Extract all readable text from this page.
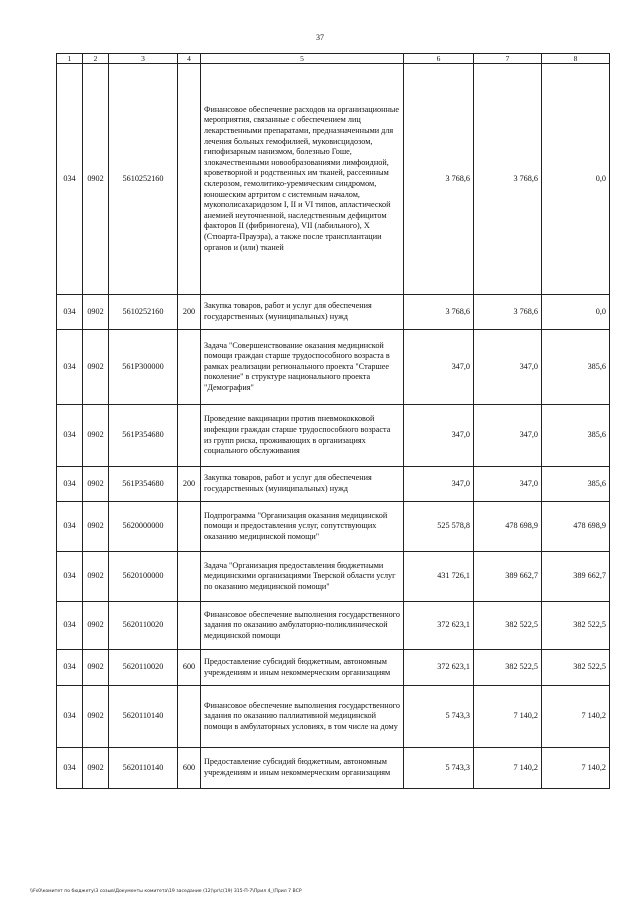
37
1	2	3	4	5	6	7	8
034	0902	5610252160		Финансовое обеспечение расходов на организационные мероприятия, связанные с обеспечением лиц лекарственными препаратами, предназначенными для лечения больных гемофилией, муковисцидозом, гипофизарным нанизмом, болезнью Гоше, злокачественными новообразованиями лимфоидной, кроветворной и родственных им тканей, рассеянным склерозом, гемолитико-уремическим синдромом, юношеским артритом с системным началом, мукополисахаридозом I, II и VI типов, апластической анемией неуточненной, наследственным дефицитом факторов II (фибриногена), VII (лабильного), X (Стюарта-Прауэра), а также после трансплантации органов и (или) тканей	3 768,6	3 768,6	0,0
034	0902	5610252160	200	Закупка товаров, работ и услуг для обеспечения государственных (муниципальных) нужд	3 768,6	3 768,6	0,0
034	0902	561P300000		Задача "Совершенствование оказания медицинской помощи граждан старше трудоспособного возраста в рамках реализации регионального проекта "Старшее поколение" в структуре национального проекта "Демография"	347,0	347,0	385,6
034	0902	561P354680		Проведение вакцинации против пневмококковой инфекции граждан старше трудоспособного возраста из групп риска, проживающих в организациях социального обслуживания	347,0	347,0	385,6
034	0902	561P354680	200	Закупка товаров, работ и услуг для обеспечения государственных (муниципальных) нужд	347,0	347,0	385,6
034	0902	5620000000		Подпрограмма "Организация оказания медицинской помощи и предоставления услуг, сопутствующих оказанию медицинской помощи"	525 578,8	478 698,9	478 698,9
034	0902	5620100000		Задача "Организация предоставления бюджетными медицинскими организациями Тверской области услуг по оказанию медицинской помощи"	431 726,1	389 662,7	389 662,7
034	0902	5620110020		Финансовое обеспечение выполнения государственного задания по оказанию амбулаторно-поликлинической медицинской помощи	372 623,1	382 522,5	382 522,5
034	0902	5620110020	600	Предоставление субсидий бюджетным, автономным учреждениям и иным некоммерческим организациям	372 623,1	382 522,5	382 522,5
034	0902	5620110140		Финансовое обеспечение выполнения государственного задания по оказанию паллиативной медицинской помощи в амбулаторных условиях, в том числе на дому	5 743,3	7 140,2	7 140,2
034	0902	5620110140	600	Предоставление субсидий бюджетным, автономным учреждениям и иным некоммерческим организациям	5 743,3	7 140,2	7 140,2
\\Fs0\комитет по бюджету\3 созыв\Документы комитета\19 заседание (12)\pr\с(19) 315-П-7\Прил 4_\Прил 7 ВСР
